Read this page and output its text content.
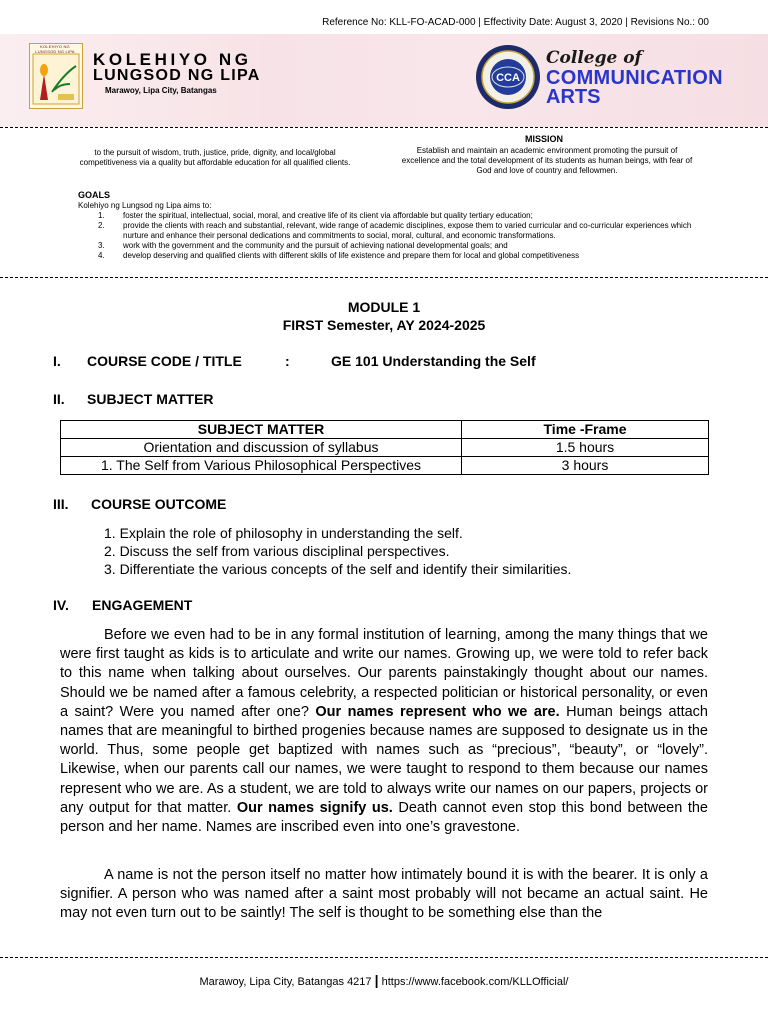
Reference No: KLL-FO-ACAD-000 | Effectivity Date: August 3, 2020 | Revisions No.: 00
KOLEHIYO NG LUNGSOD NG LIPA	KOLEHIYO NG
LUNGSOD NG LIPA
Marawoy, Lipa City, Batangas
CCA
College of
COMMUNICATION
ARTS
to the pursuit of wisdom, truth, justice, pride, dignity, and local/global competitiveness via a quality but affordable education for all qualified clients.
MISSION
Establish and maintain an academic environment promoting the pursuit of excellence and the total development of its students as human beings, with fear of God and love of country and fellowmen.
GOALS
Kolehiyo ng Lungsod ng Lipa aims to:
1.	foster the spiritual, intellectual, social, moral, and creative life of its client via affordable but quality tertiary education;
2.	provide the clients with reach and substantial, relevant, wide range of academic disciplines, expose them to varied curricular and co-curricular experiences which nurture and enhance their personal dedications and commitments to social, moral, cultural, and economic transformations.
3.	work with the government and the community and the pursuit of achieving national developmental goals; and
4.	develop deserving and qualified clients with different skills of life existence and prepare them for local and global competitiveness
MODULE 1
FIRST Semester, AY 2024-2025
I. COURSE CODE / TITLE	:	GE 101 Understanding the Self
II. SUBJECT MATTER
SUBJECT MATTER	Time -Frame
Orientation and discussion of syllabus	1.5 hours
1. The Self from Various Philosophical Perspectives	3 hours
III. COURSE OUTCOME
1. Explain the role of philosophy in understanding the self.
2. Discuss the self from various disciplinal perspectives.
3. Differentiate the various concepts of the self and identify their similarities.
IV. ENGAGEMENT
Before we even had to be in any formal institution of learning, among the many things that we were first taught as kids is to articulate and write our names. Growing up, we were told to refer back to this name when talking about ourselves. Our parents painstakingly thought about our names. Should we be named after a famous celebrity, a respected politician or historical personality, or even a saint? Were you named after one? Our names represent who we are. Human beings attach names that are meaningful to birthed progenies because names are supposed to designate us in the world. Thus, some people get baptized with names such as “precious”, “beauty”, or “lovely”. Likewise, when our parents call our names, we were taught to respond to them because our names represent who we are. As a student, we are told to always write our names on our papers, projects or any output for that matter. Our names signify us. Death cannot even stop this bond between the person and her name. Names are inscribed even into one’s gravestone.
A name is not the person itself no matter how intimately bound it is with the bearer. It is only a signifier. A person who was named after a saint most probably will not became an actual saint. He may not even turn out to be saintly! The self is thought to be something else than the
Marawoy, Lipa City, Batangas 4217 | https://www.facebook.com/KLLOfficial/
